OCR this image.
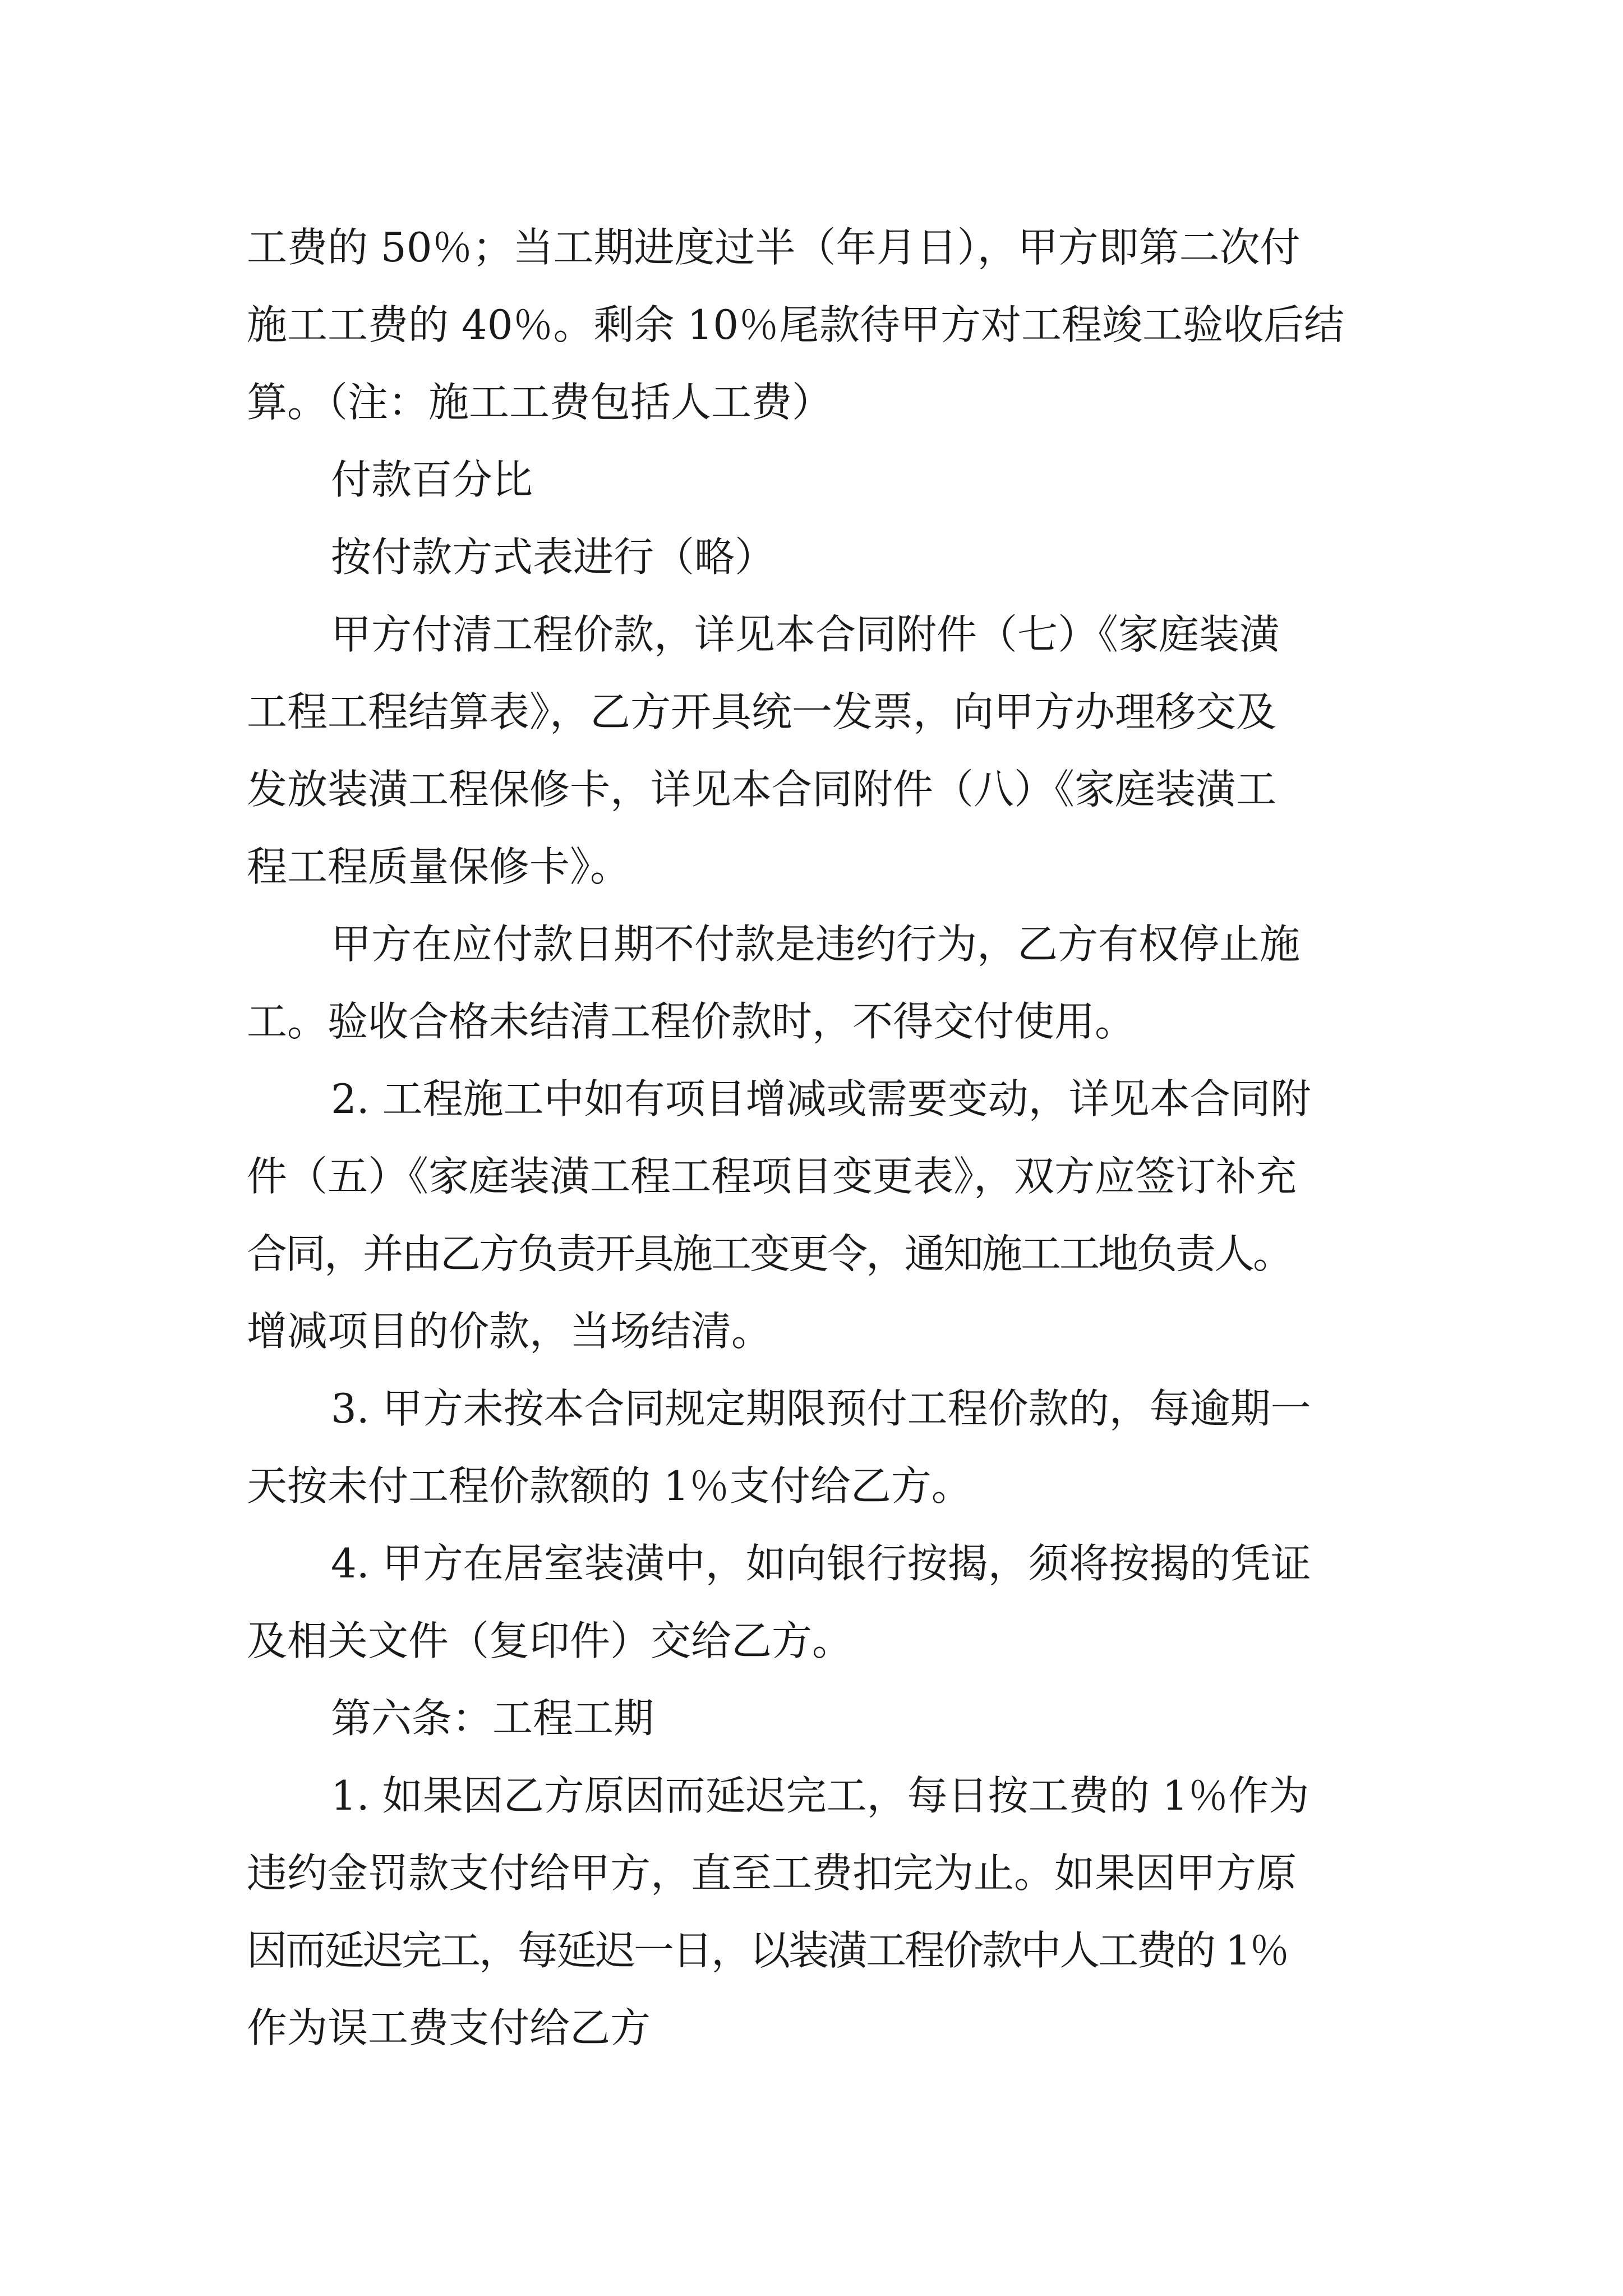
工费的 50％；当工期进度过半（年月日），甲方即第二次付
施工工费的 40％。剩余 10％尾款待甲方对工程竣工验收后结
算。（注：施工工费包括人工费）
付款百分比
按付款方式表进行（略）
甲方付清工程价款，详见本合同附件（七）《家庭装潢
工程工程结算表》，乙方开具统一发票，向甲方办理移交及
发放装潢工程保修卡，详见本合同附件（八）《家庭装潢工
程工程质量保修卡》。
甲方在应付款日期不付款是违约行为，乙方有权停止施
工。验收合格未结清工程价款时，不得交付使用。
2. 工程施工中如有项目增减或需要变动，详见本合同附
件（五）《家庭装潢工程工程项目变更表》，双方应签订补充
合同，并由乙方负责开具施工变更令，通知施工工地负责人。
增减项目的价款，当场结清。
3. 甲方未按本合同规定期限预付工程价款的，每逾期一
天按未付工程价款额的 1％支付给乙方。
4. 甲方在居室装潢中，如向银行按揭，须将按揭的凭证
及相关文件（复印件）交给乙方。
第六条：工程工期
1. 如果因乙方原因而延迟完工，每日按工费的 1％作为
违约金罚款支付给甲方，直至工费扣完为止。如果因甲方原
因而延迟完工，每延迟一日，以装潢工程价款中人工费的 1％
作为误工费支付给乙方
